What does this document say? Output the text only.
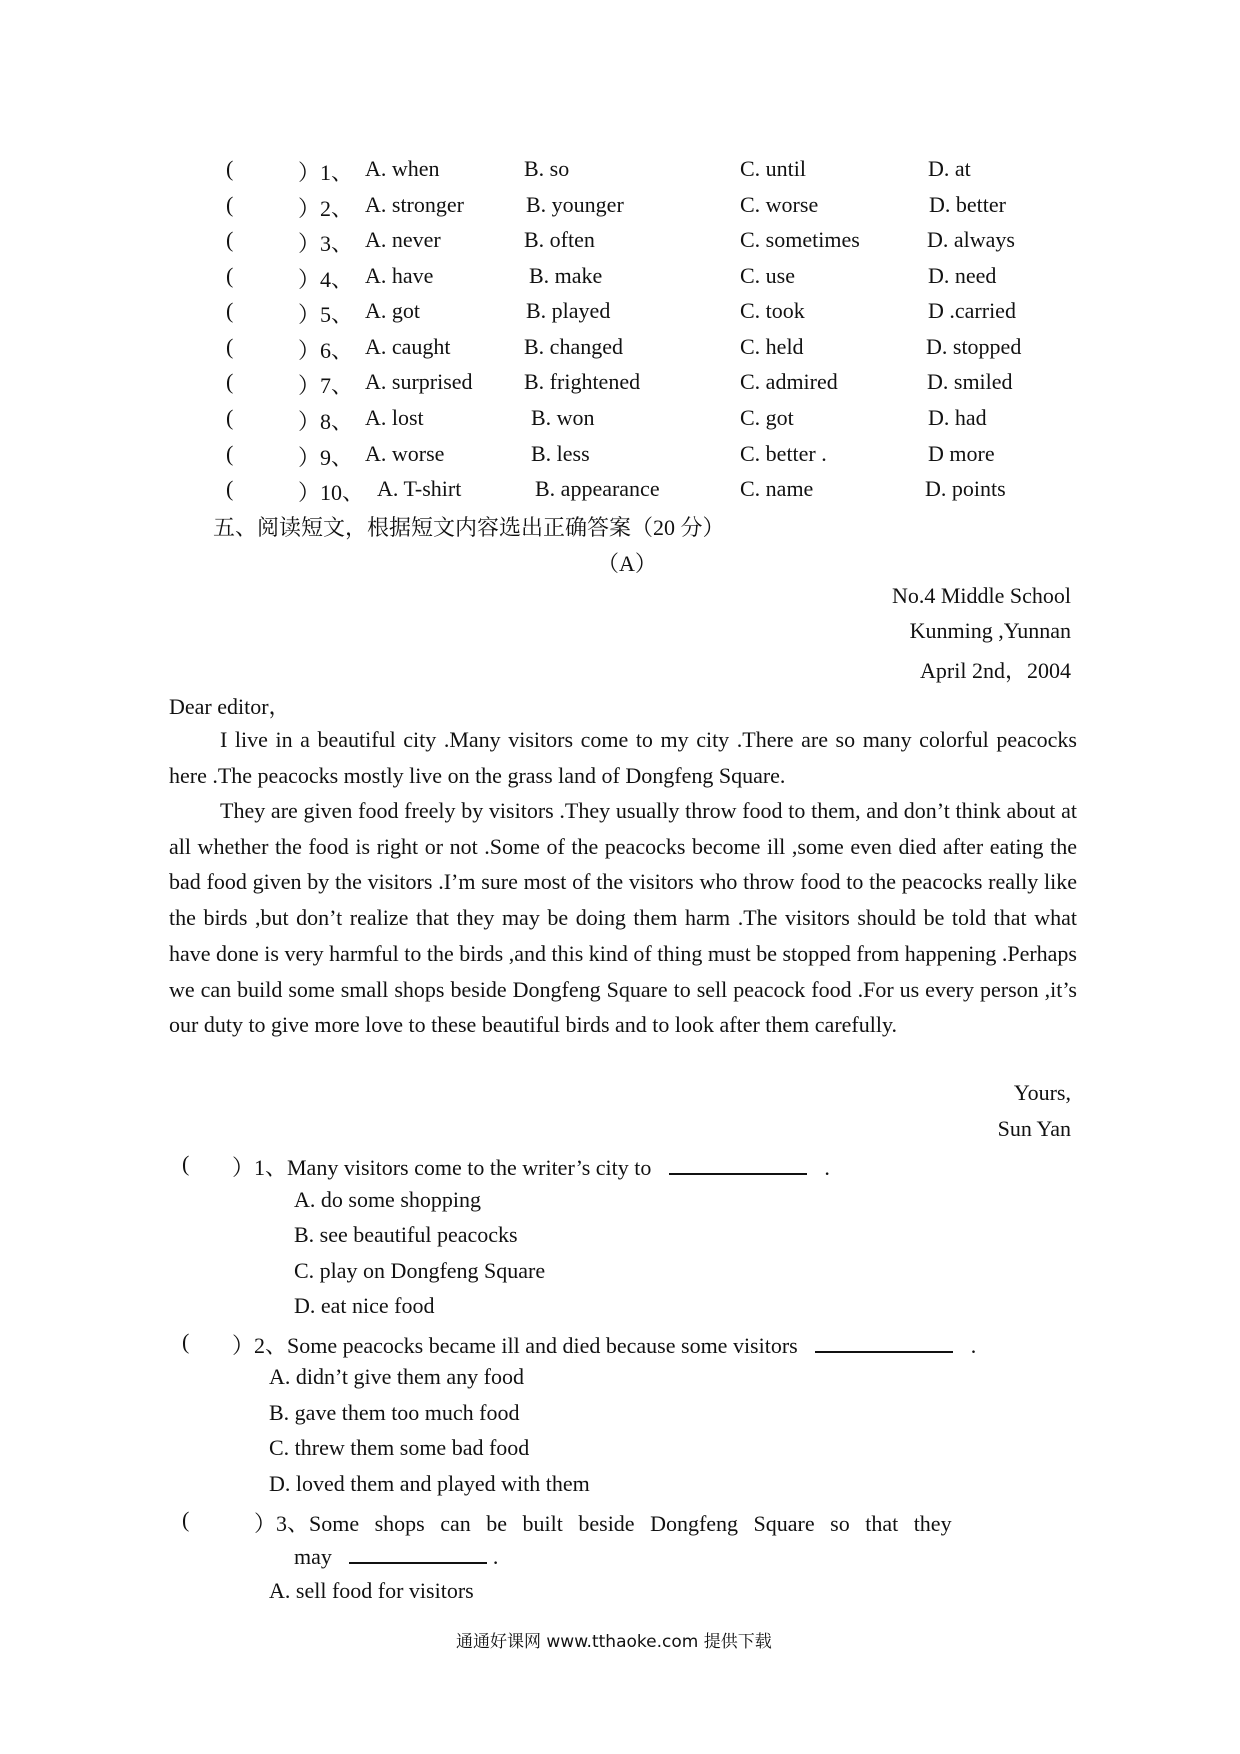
(	）1、 A. when	B. so	C. until	D. at
(	）2、 A. stronger	B. younger	C. worse	D. better
(	）3、 A. never	B. often	C. sometimes	D. always
(	）4、 A. have	B. make	C. use	D. need
(	）5、 A. got	B. played	C. took	D .carried
(	）6、 A. caught	B. changed	C. held	D. stopped
(	）7、 A. surprised B. frightened	C. admired	D. smiled
(	）8、 A. lost	B. won	C. got	D. had
(	）9、 A. worse	B. less	C. better .	D more
(	）10、 A. T-shirt	B. appearance	C. name	D. points
五、阅读短文，根据短文内容选出正确答案（20 分）
（A）
No.4 Middle School
Kunming ,Yunnan
April 2nd，2004
Dear editor，
I live in a beautiful city .Many visitors come to my city .There are so many colorful peacocks here .The peacocks mostly live on the grass land of Dongfeng Square.
They are given food freely by visitors .They usually throw food to them, and don’t think about at all whether the food is right or not .Some of the peacocks become ill ,some even died after eating the bad food given by the visitors .I’m sure most of the visitors who throw food to the peacocks really like the birds ,but don’t realize that they may be doing them harm .The visitors should be told that what have done is very harmful to the birds ,and this kind of thing must be stopped from happening .Perhaps we can build some small shops beside Dongfeng Square to sell peacock food .For us every person ,it’s our duty to give more love to these beautiful birds and to look after them carefully.
Yours,
Sun Yan
( ）1、Many visitors come to the writer’s city to	.
A. do some shopping
B. see beautiful peacocks
C. play on Dongfeng Square
D. eat nice food
( ）2、Some peacocks became ill and died because some visitors	.
A. didn’t give them any food
B. gave them too much food
C. threw them some bad food
D. loved them and played with them
(	）3、Some shops can be built beside Dongfeng Square so that they
may	.
A. sell food for visitors
通通好课网 www.tthaoke.com 提供下载
